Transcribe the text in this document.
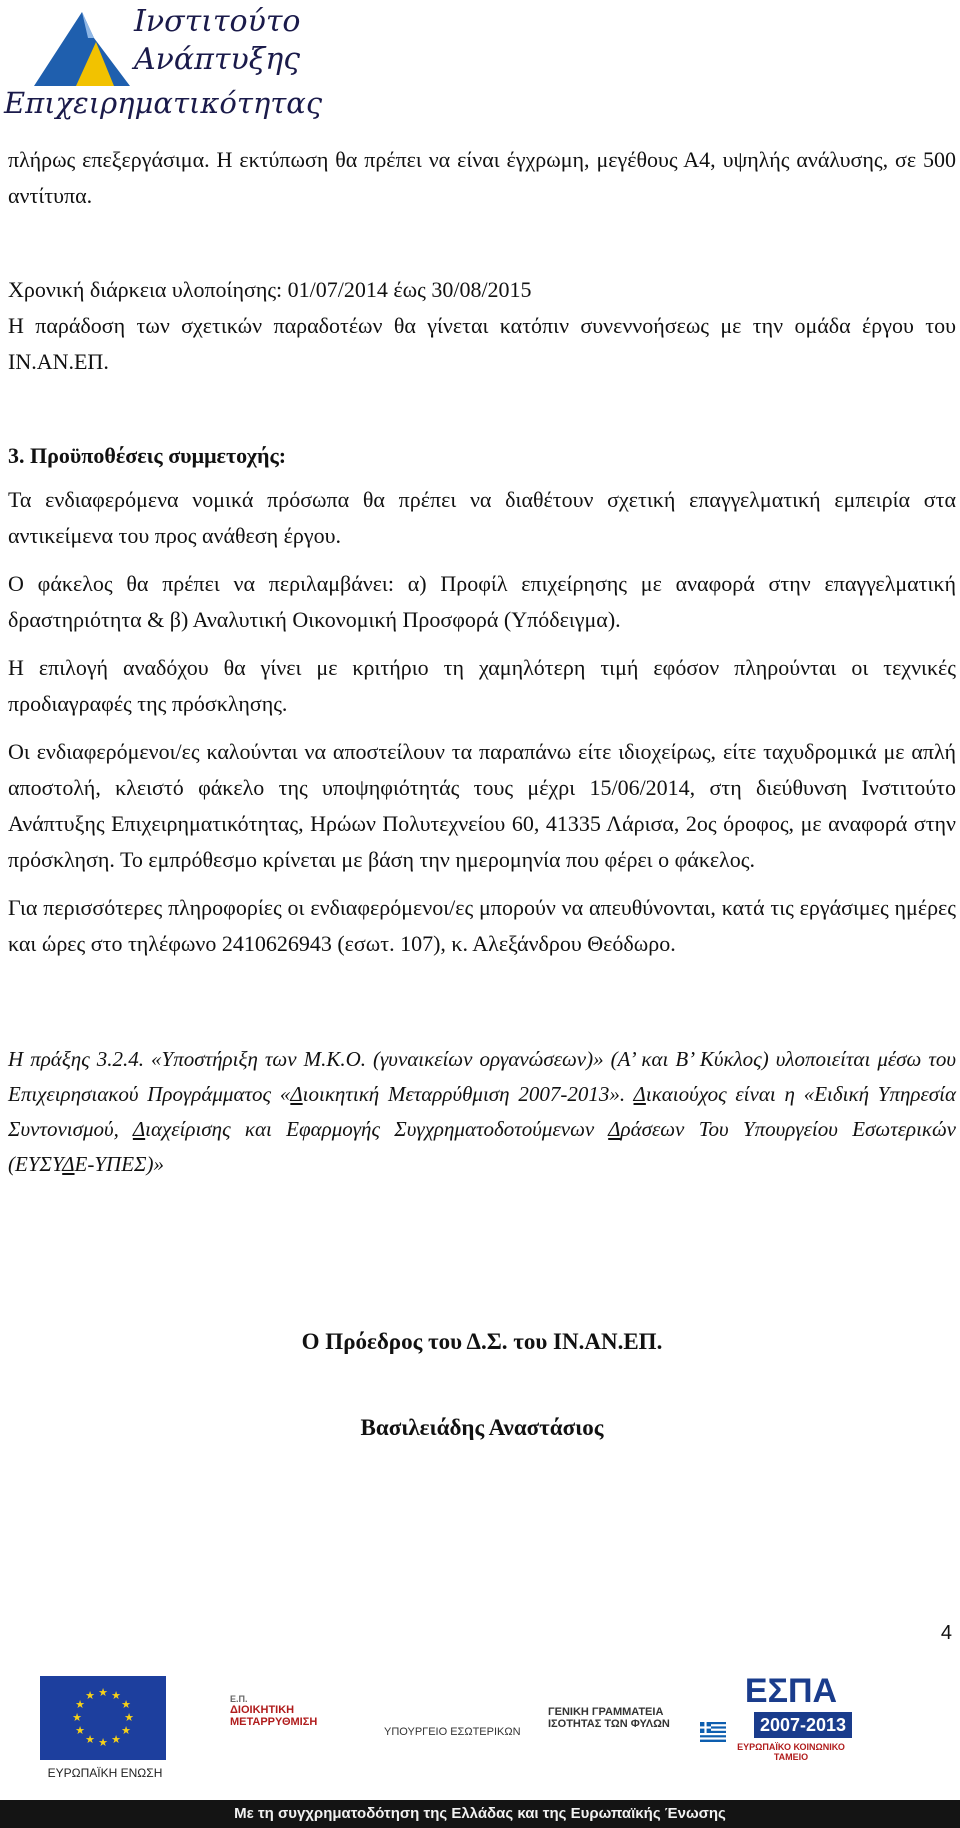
Ινστιτούτο
Ανάπτυξης
Επιχειρηματικότητας

πλήρως επεξεργάσιμα. Η εκτύπωση θα πρέπει να είναι έγχρωμη, μεγέθους Α4, υψηλής ανάλυσης, σε 500 αντίτυπα.

Χρονική διάρκεια υλοποίησης: 01/07/2014 έως 30/08/2015

Η παράδοση των σχετικών παραδοτέων θα γίνεται κατόπιν συνεννοήσεως με την ομάδα έργου του ΙΝ.ΑΝ.ΕΠ.

3. Προϋποθέσεις συμμετοχής:

Τα ενδιαφερόμενα νομικά πρόσωπα θα πρέπει να διαθέτουν σχετική επαγγελματική εμπειρία στα αντικείμενα του προς ανάθεση έργου.

Ο φάκελος θα πρέπει να περιλαμβάνει: α) Προφίλ επιχείρησης με αναφορά στην επαγγελματική δραστηριότητα & β) Αναλυτική Οικονομική Προσφορά (Υπόδειγμα).

Η επιλογή αναδόχου θα γίνει με κριτήριο τη χαμηλότερη τιμή εφόσον πληρούνται οι τεχνικές προδιαγραφές της πρόσκλησης.

Οι ενδιαφερόμενοι/ες καλούνται να αποστείλουν τα παραπάνω είτε ιδιοχείρως, είτε ταχυδρομικά με απλή αποστολή, κλειστό φάκελο της υποψηφιότητάς τους μέχρι 15/06/2014, στη διεύθυνση Ινστιτούτο Ανάπτυξης Επιχειρηματικότητας, Ηρώων Πολυτεχνείου 60, 41335 Λάρισα, 2ος όροφος, με αναφορά στην πρόσκληση. Το εμπρόθεσμο κρίνεται με βάση την ημερομηνία που φέρει ο φάκελος.

Για περισσότερες πληροφορίες οι ενδιαφερόμενοι/ες μπορούν να απευθύνονται, κατά τις εργάσιμες ημέρες και ώρες στο τηλέφωνο 2410626943 (εσωτ. 107), κ. Αλεξάνδρου Θεόδωρο.

Η πράξης 3.2.4. «Υποστήριξη των Μ.Κ.Ο. (γυναικείων οργανώσεων)» (Α’ και Β’ Κύκλος) υλοποιείται μέσω του Επιχειρησιακού Προγράμματος «Διοικητική Μεταρρύθμιση 2007-2013». Δικαιούχος είναι η «Ειδική Υπηρεσία Συντονισμού, Διαχείρισης και Εφαρμογής Συγχρηματοδοτούμενων Δράσεων Του Υπουργείου Εσωτερικών (ΕΥΣΥΔΕ-ΥΠΕΣ)»

Ο Πρόεδρος του Δ.Σ. του ΙΝ.ΑΝ.ΕΠ.

Βασιλειάδης Αναστάσιος

4
★ ★
★
★
★
★
★
★
★
★
★
★
ΕΥΡΩΠΑΪΚΗ ΕΝΩΣΗ
Ε.Π.
ΔΙΟΙΚΗΤΙΚΗ
ΜΕΤΑΡΡΥΘΜΙΣΗ
ΥΠΟΥΡΓΕΙΟ ΕΣΩΤΕΡΙΚΩΝ
ΓΕΝΙΚΗ ΓΡΑΜΜΑΤΕΙΑ
ΙΣΟΤΗΤΑΣ ΤΩΝ ΦΥΛΩΝ
ΕΣΠΑ
2007-2013
ΕΥΡΩΠΑΪΚΟ ΚΟΙΝΩΝΙΚΟ ΤΑΜΕΙΟ
Με τη συγχρηματοδότηση της Ελλάδας και της Ευρωπαϊκής Ένωσης
